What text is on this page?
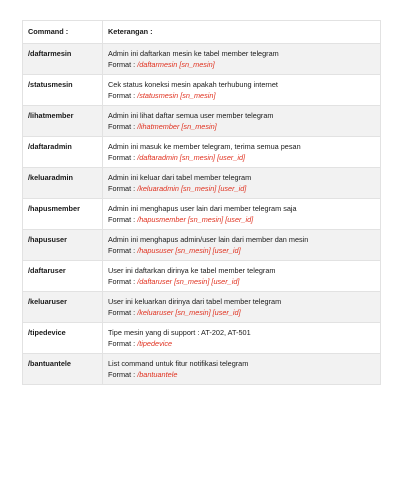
Command :	Keterangan :
/daftarmesin	Admin ini daftarkan mesin ke tabel member telegram
Format : /daftarmesin [sn_mesin]

/statusmesin	Cek status koneksi mesin apakah terhubung internet
Format : /statusmesin [sn_mesin]

/lihatmember	Admin ini lihat daftar semua user member telegram
Format : /lihatmember [sn_mesin]

/daftaradmin	Admin ini masuk ke member telegram, terima semua pesan
Format : /daftaradmin [sn_mesin] [user_id]

/keluaradmin	Admin ini keluar dari tabel member telegram
Format : /keluaradmin [sn_mesin] [user_id]

/hapusmember	Admin ini menghapus user lain dari member telegram saja
Format : /hapusmember [sn_mesin] [user_id]

/hapususer	Admin ini menghapus admin/user lain dari member dan mesin
Format : /hapususer [sn_mesin] [user_id]

/daftaruser	User ini daftarkan dirinya ke tabel member telegram
Format : /daftaruser [sn_mesin] [user_id]

/keluaruser	User ini keluarkan dirinya dari tabel member telegram
Format : /keluaruser [sn_mesin] [user_id]

/tipedevice	Tipe mesin yang di support : AT-202, AT-501
Format : /tipedevice

/bantuantele	List command untuk fitur notifikasi telegram
Format : /bantuantele
